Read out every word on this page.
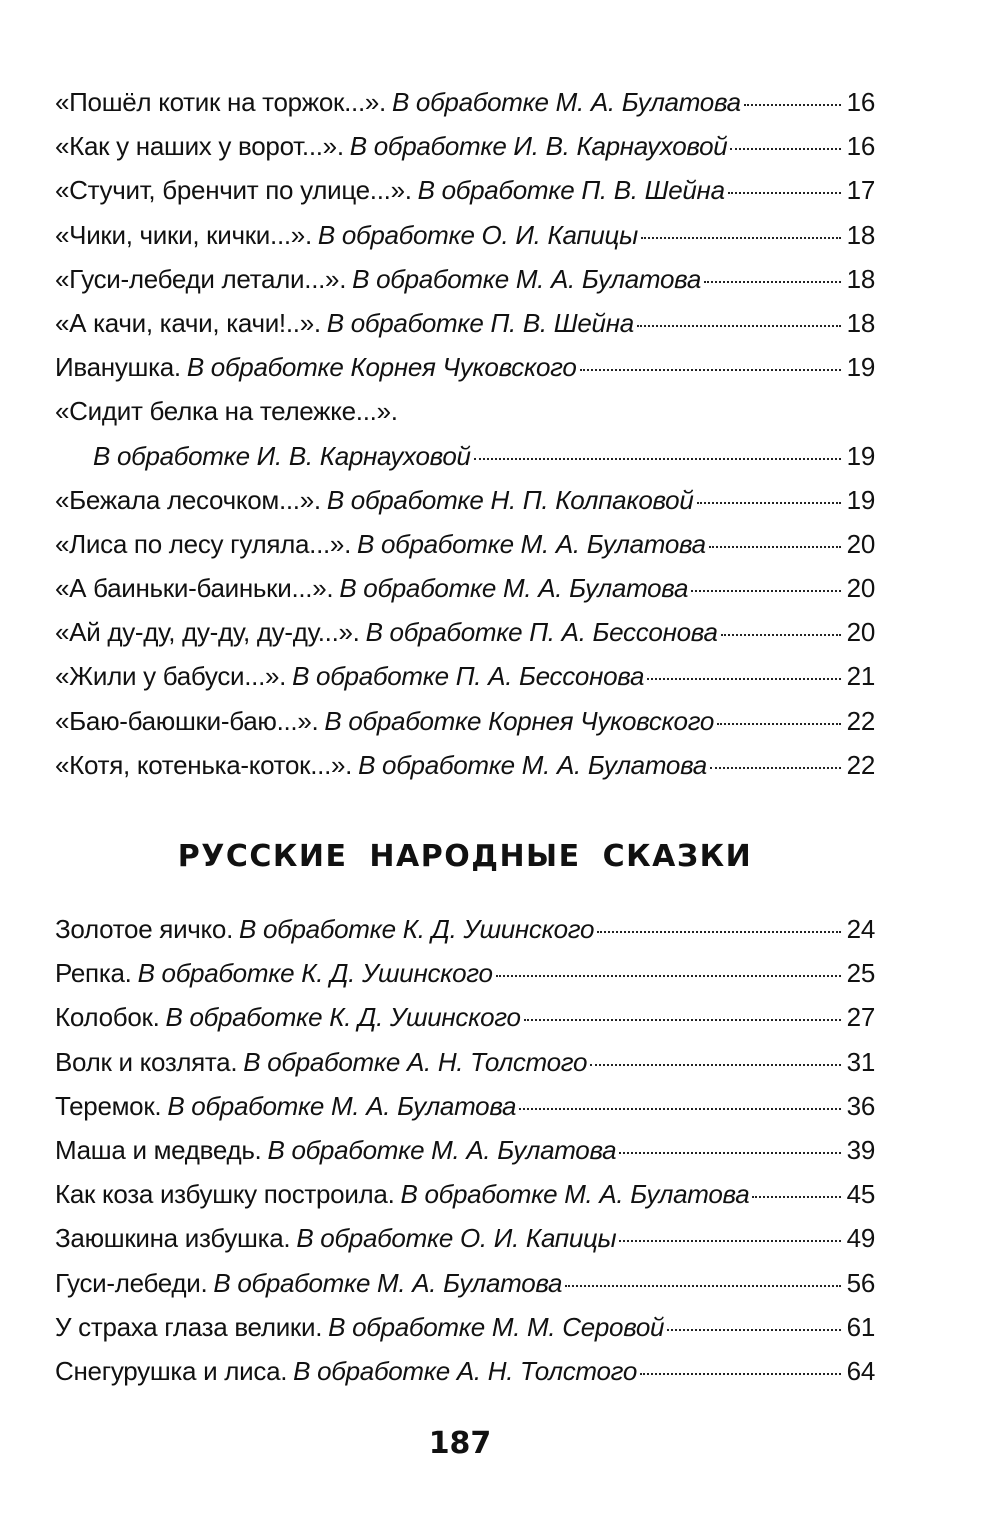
«Пошёл котик на торжок...». В обработке М. А. Булатова	16
«Как у наших у ворот...». В обработке И. В. Карнауховой	16
«Стучит, бренчит по улице...». В обработке П. В. Шейна	17
«Чики, чики, кички...». В обработке О. И. Капицы	18
«Гуси-лебеди летали...». В обработке М. А. Булатова	18
«А качи, качи, качи!..». В обработке П. В. Шейна	18
Иванушка. В обработке Корнея Чуковского	19
«Сидит белка на тележке...».
В обработке И. В. Карнауховой	19
«Бежала лесочком...». В обработке Н. П. Колпаковой	19
«Лиса по лесу гуляла...». В обработке М. А. Булатова	20
«А баиньки-баиньки...». В обработке М. А. Булатова	20
«Ай ду-ду, ду-ду, ду-ду...». В обработке П. А. Бессонова	20
«Жили у бабуси...». В обработке П. А. Бессонова	21
«Баю-баюшки-баю...». В обработке Корнея Чуковского	22
«Котя, котенька-коток...». В обработке М. А. Булатова	22
РУССКИЕ НАРОДНЫЕ СКАЗКИ
Золотое яичко. В обработке К. Д. Ушинского	24
Репка. В обработке К. Д. Ушинского	25
Колобок. В обработке К. Д. Ушинского	27
Волк и козлята. В обработке А. Н. Толстого	31
Теремок. В обработке М. А. Булатова	36
Маша и медведь. В обработке М. А. Булатова	39
Как коза избушку построила. В обработке М. А. Булатова	45
Заюшкина избушка. В обработке О. И. Капицы	49
Гуси-лебеди. В обработке М. А. Булатова	56
У страха глаза велики. В обработке М. М. Серовой	61
Снегурушка и лиса. В обработке А. Н. Толстого	64
187
